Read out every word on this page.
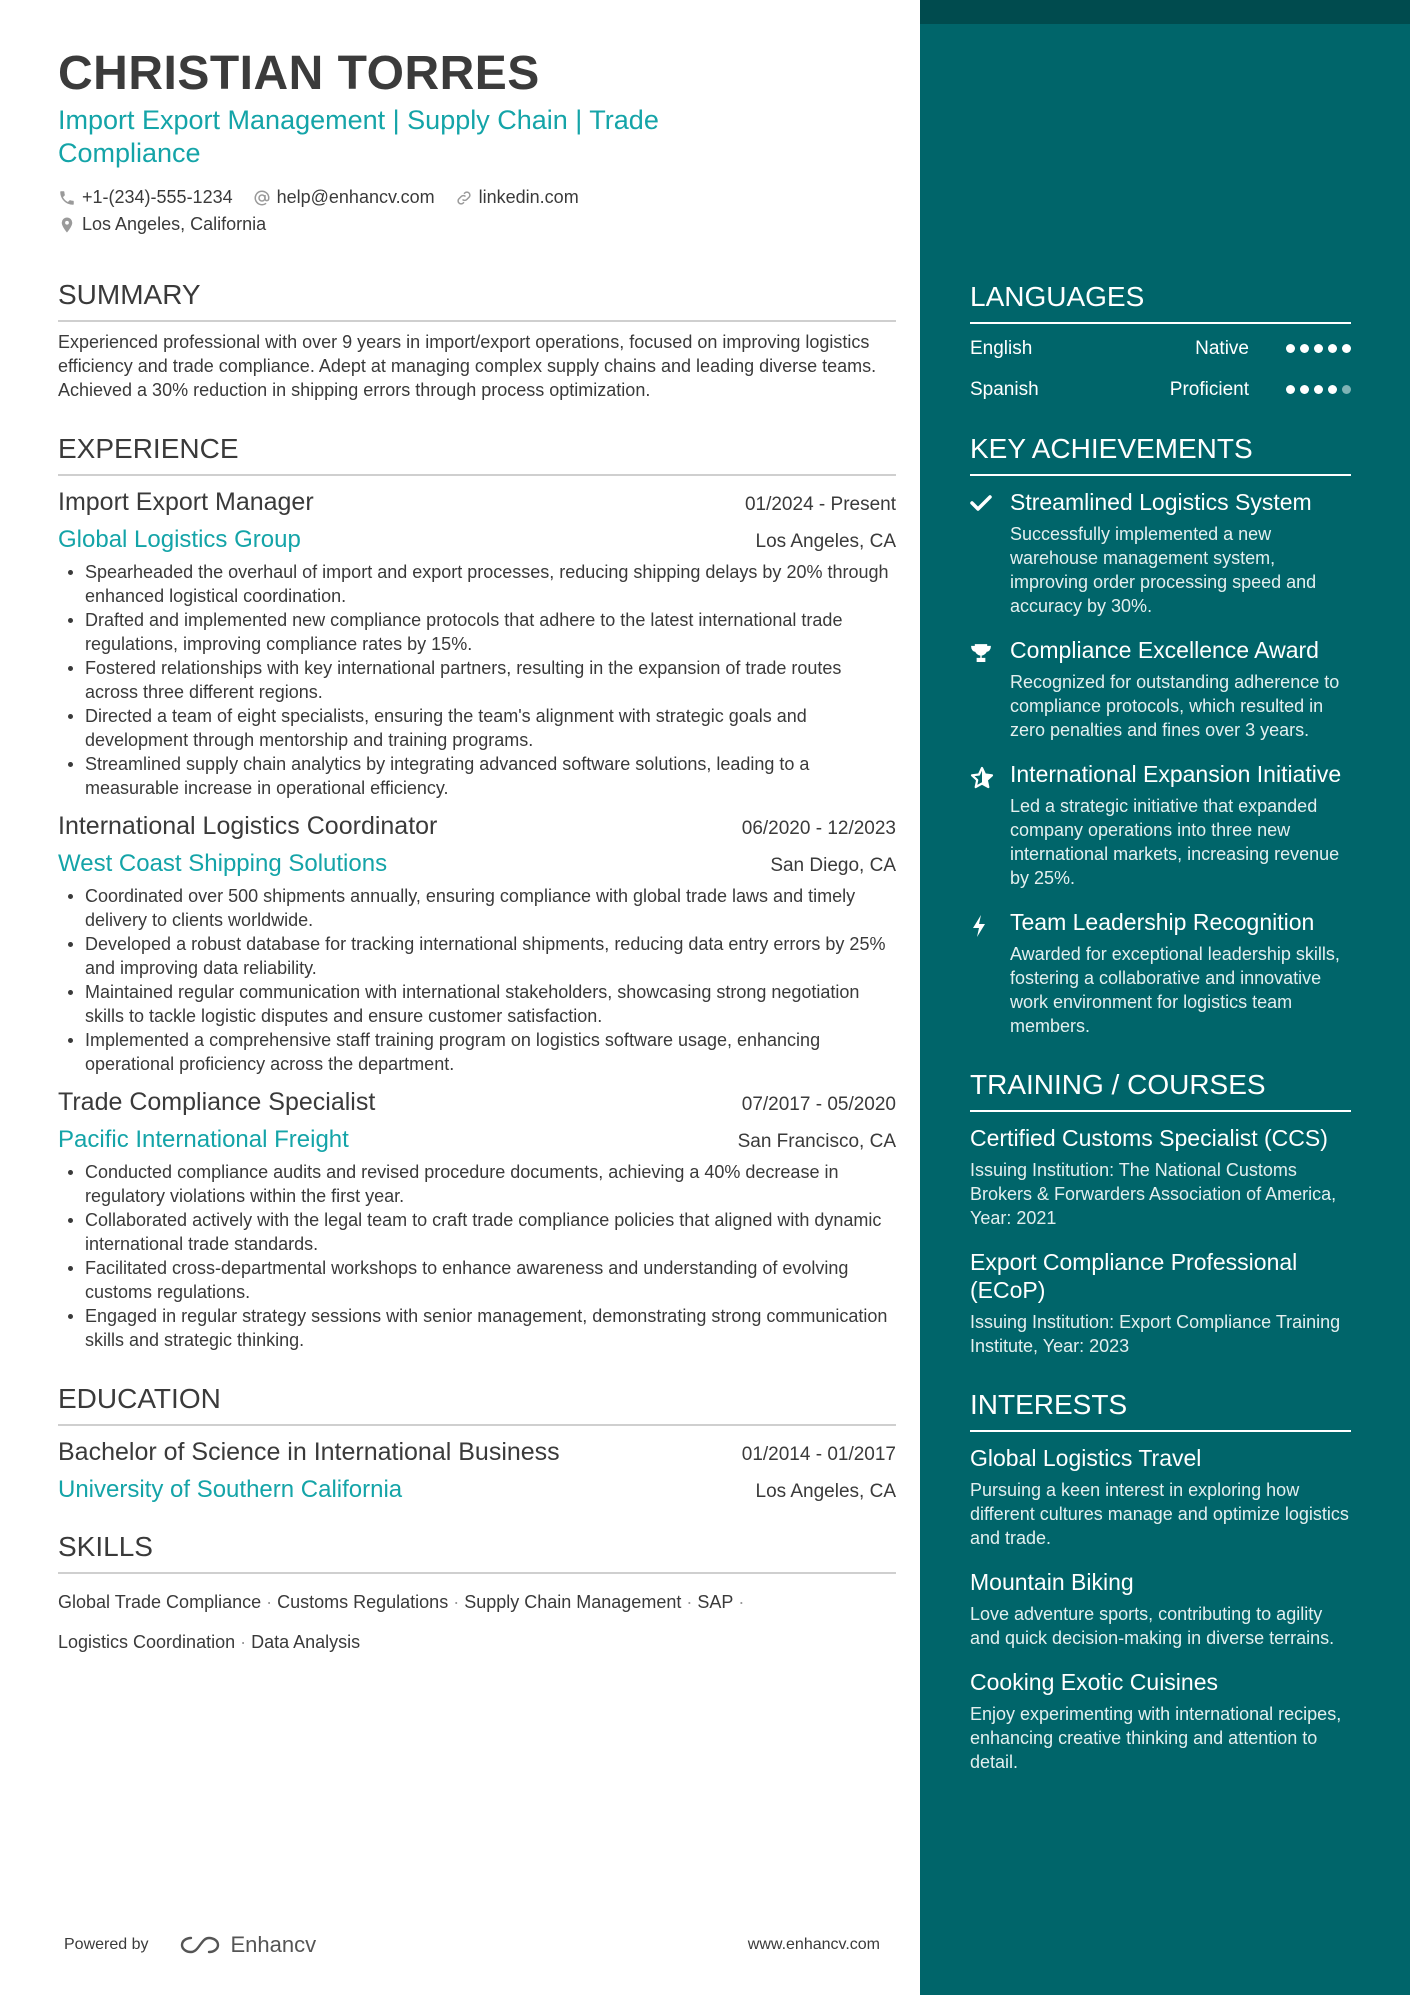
CHRISTIAN TORRES
Import Export Management | Supply Chain | Trade Compliance
+1-(234)-555-1234 help@enhancv.com linkedin.com
Los Angeles, California
SUMMARY
Experienced professional with over 9 years in import/export operations, focused on improving logistics efficiency and trade compliance. Adept at managing complex supply chains and leading diverse teams. Achieved a 30% reduction in shipping errors through process optimization.
EXPERIENCE
Import Export Manager	01/2024 - Present
Global Logistics Group	Los Angeles, CA
Spearheaded the overhaul of import and export processes, reducing shipping delays by 20% through enhanced logistical coordination.
Drafted and implemented new compliance protocols that adhere to the latest international trade regulations, improving compliance rates by 15%.
Fostered relationships with key international partners, resulting in the expansion of trade routes across three different regions.
Directed a team of eight specialists, ensuring the team's alignment with strategic goals and development through mentorship and training programs.
Streamlined supply chain analytics by integrating advanced software solutions, leading to a measurable increase in operational efficiency.
International Logistics Coordinator	06/2020 - 12/2023
West Coast Shipping Solutions	San Diego, CA
Coordinated over 500 shipments annually, ensuring compliance with global trade laws and timely delivery to clients worldwide.
Developed a robust database for tracking international shipments, reducing data entry errors by 25% and improving data reliability.
Maintained regular communication with international stakeholders, showcasing strong negotiation skills to tackle logistic disputes and ensure customer satisfaction.
Implemented a comprehensive staff training program on logistics software usage, enhancing operational proficiency across the department.
Trade Compliance Specialist	07/2017 - 05/2020
Pacific International Freight	San Francisco, CA
Conducted compliance audits and revised procedure documents, achieving a 40% decrease in regulatory violations within the first year.
Collaborated actively with the legal team to craft trade compliance policies that aligned with dynamic international trade standards.
Facilitated cross-departmental workshops to enhance awareness and understanding of evolving customs regulations.
Engaged in regular strategy sessions with senior management, demonstrating strong communication skills and strategic thinking.
EDUCATION
Bachelor of Science in International Business	01/2014 - 01/2017
University of Southern California	Los Angeles, CA
SKILLS
Global Trade Compliance · Customs Regulations · Supply Chain Management · SAP ·
Logistics Coordination · Data Analysis
Powered by	Enhancv	www.enhancv.com
LANGUAGES
English	Native
Spanish	Proficient
KEY ACHIEVEMENTS
Streamlined Logistics System
Successfully implemented a new warehouse management system, improving order processing speed and accuracy by 30%.
Compliance Excellence Award
Recognized for outstanding adherence to compliance protocols, which resulted in zero penalties and fines over 3 years.
International Expansion Initiative
Led a strategic initiative that expanded company operations into three new international markets, increasing revenue by 25%.
Team Leadership Recognition
Awarded for exceptional leadership skills, fostering a collaborative and innovative work environment for logistics team members.
TRAINING / COURSES
Certified Customs Specialist (CCS)
Issuing Institution: The National Customs Brokers & Forwarders Association of America, Year: 2021
Export Compliance Professional (ECoP)
Issuing Institution: Export Compliance Training Institute, Year: 2023
INTERESTS
Global Logistics Travel
Pursuing a keen interest in exploring how different cultures manage and optimize logistics and trade.
Mountain Biking
Love adventure sports, contributing to agility and quick decision-making in diverse terrains.
Cooking Exotic Cuisines
Enjoy experimenting with international recipes, enhancing creative thinking and attention to detail.
